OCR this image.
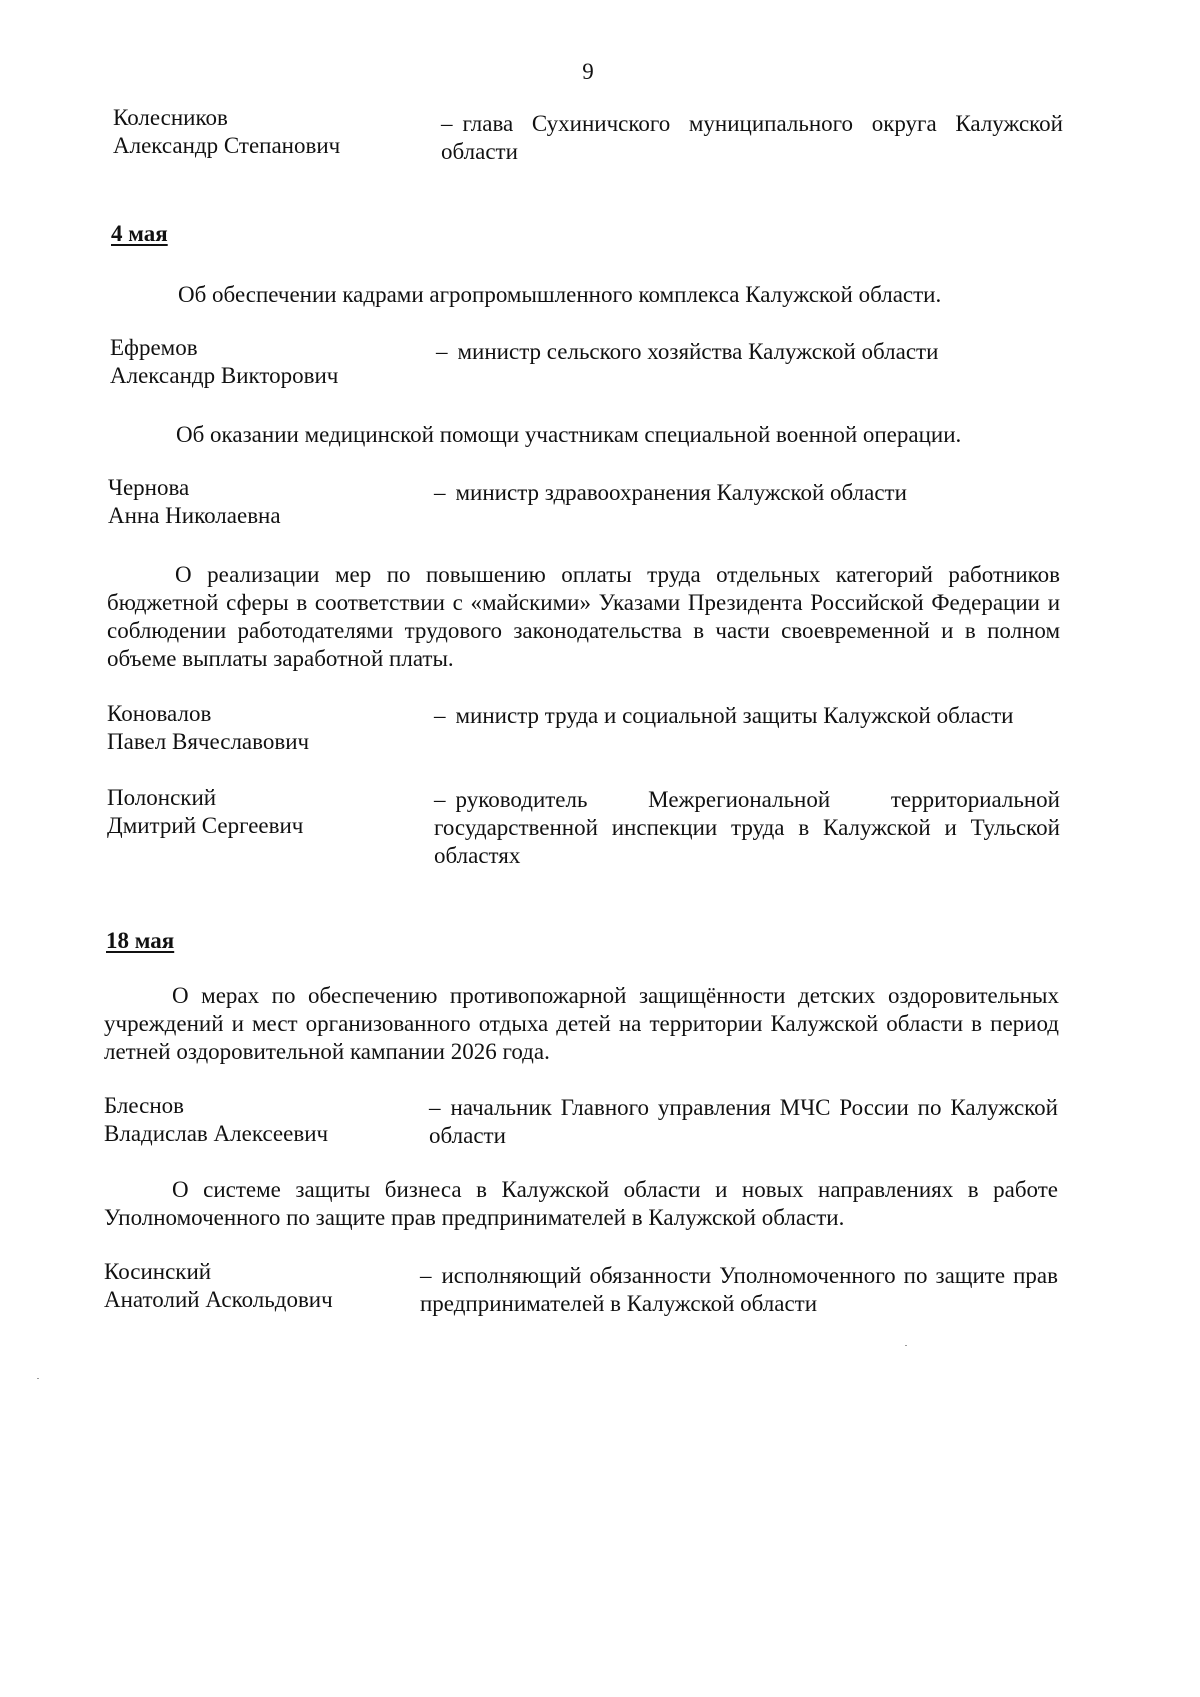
9
Колесников
Александр Степанович
– глава Сухиничского муниципального округа Калужской области
4 мая
Об обеспечении кадрами агропромышленного комплекса Калужской области.
Ефремов
Александр Викторович
– министр сельского хозяйства Калужской области
Об оказании медицинской помощи участникам специальной военной операции.
Чернова
Анна Николаевна
– министр здравоохранения Калужской области
О реализации мер по повышению оплаты труда отдельных категорий работников бюджетной сферы в соответствии с «майскими» Указами Президента Российской Федерации и соблюдении работодателями трудового законодательства в части своевременной и в полном объеме выплаты заработной платы.
Коновалов
Павел Вячеславович
– министр труда и социальной защиты Калужской области
Полонский
Дмитрий Сергеевич
– руководитель Межрегиональной территориальной государственной инспекции труда в Калужской и Тульской областях
18 мая
О мерах по обеспечению противопожарной защищённости детских оздоровительных учреждений и мест организованного отдыха детей на территории Калужской области в период летней оздоровительной кампании 2026 года.
Блеснов
Владислав Алексеевич
– начальник Главного управления МЧС России по Калужской области
О системе защиты бизнеса в Калужской области и новых направлениях в работе Уполномоченного по защите прав предпринимателей в Калужской области.
Косинский
Анатолий Аскольдович
– исполняющий обязанности Уполномоченного по защите прав предпринимателей в Калужской области
